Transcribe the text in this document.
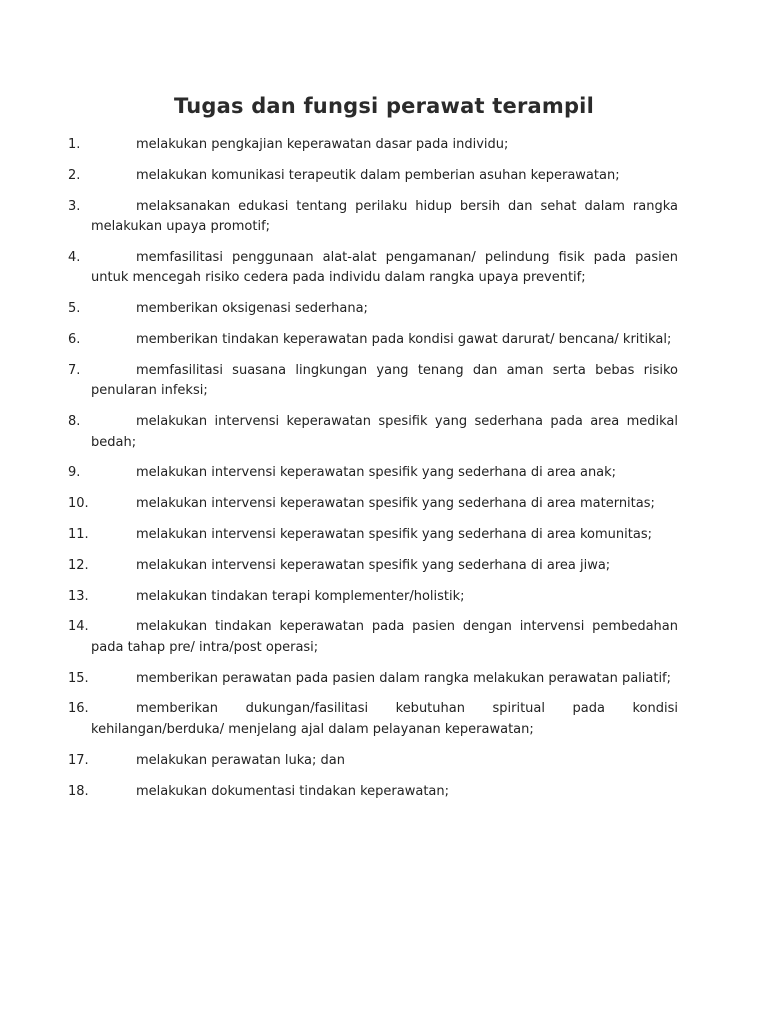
Tugas dan fungsi perawat terampil
1.	melakukan pengkajian keperawatan dasar pada individu;
2.	melakukan komunikasi terapeutik dalam pemberian asuhan keperawatan;
3.	melaksanakan edukasi tentang perilaku hidup bersih dan sehat dalam rangka melakukan upaya promotif;
4.	memfasilitasi penggunaan alat-alat pengamanan/ pelindung fisik pada pasien untuk mencegah risiko cedera pada individu dalam rangka upaya preventif;
5.	memberikan oksigenasi sederhana;
6.	memberikan tindakan keperawatan pada kondisi gawat darurat/ bencana/ kritikal;
7.	memfasilitasi suasana lingkungan yang tenang dan aman serta bebas risiko penularan infeksi;
8.	melakukan intervensi keperawatan spesifik yang sederhana pada area medikal bedah;
9.	melakukan intervensi keperawatan spesifik yang sederhana di area anak;
10.	melakukan intervensi keperawatan spesifik yang sederhana di area maternitas;
11.	melakukan intervensi keperawatan spesifik yang sederhana di area komunitas;
12.	melakukan intervensi keperawatan spesifik yang sederhana di area jiwa;
13.	melakukan tindakan terapi komplementer/holistik;
14.	melakukan tindakan keperawatan pada pasien dengan intervensi pembedahan pada tahap pre/ intra/post operasi;
15.	memberikan perawatan pada pasien dalam rangka melakukan perawatan paliatif;
16.	memberikan dukungan/fasilitasi kebutuhan spiritual pada kondisi kehilangan/berduka/ menjelang ajal dalam pelayanan keperawatan;
17.	melakukan perawatan luka; dan
18.	melakukan dokumentasi tindakan keperawatan;
